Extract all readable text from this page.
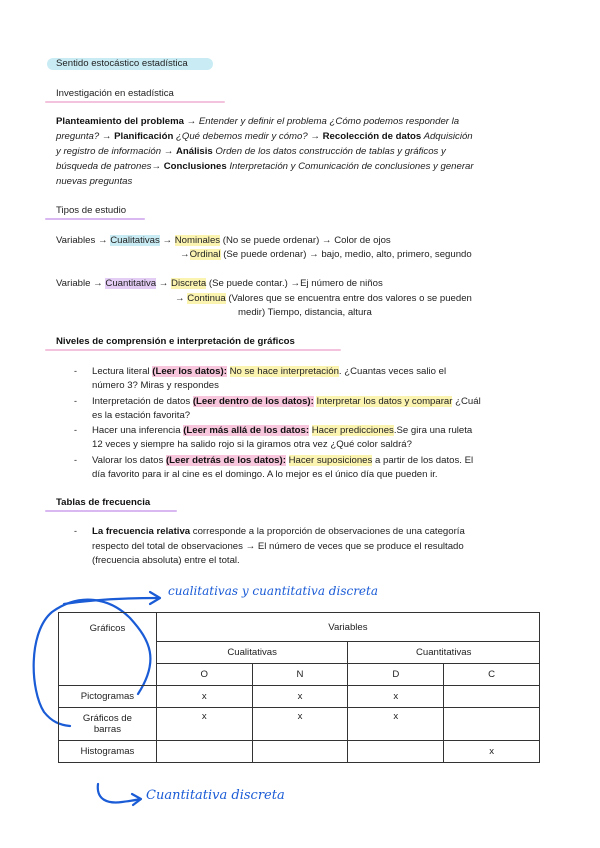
Sentido estocástico estadística
Investigación en estadística
Planteamiento del problema → Entender y definir el problema ¿Cómo podemos responder la
pregunta? → Planificación ¿Qué debemos medir y cómo? → Recolección de datos Adquisición
y registro de información → Análisis Orden de los datos construcción de tablas y gráficos y
búsqueda de patrones→ Conclusiones Interpretación y Comunicación de conclusiones y generar
nuevas preguntas
Tipos de estudio
Variables → Cualitativas → Nominales (No se puede ordenar) → Color de ojos
→Ordinal (Se puede ordenar) → bajo, medio, alto, primero, segundo
Variable → Cuantitativa → Discreta (Se puede contar.) →Ej número de niños
→ Continua (Valores que se encuentra entre dos valores o se pueden
medir) Tiempo, distancia, altura
Niveles de comprensión e interpretación de gráficos
-	Lectura literal (Leer los datos): No se hace interpretación. ¿Cuantas veces salio el
número 3? Miras y respondes
-	Interpretación de datos (Leer dentro de los datos): Interpretar los datos y comparar ¿Cuál
es la estación favorita?
-	Hacer una inferencia (Leer más allá de los datos: Hacer predicciones.Se gira una ruleta
12 veces y siempre ha salido rojo si la giramos otra vez ¿Qué color saldrá?
-	Valorar los datos (Leer detrás de los datos): Hacer suposiciones a partir de los datos. El
día favorito para ir al cine es el domingo. A lo mejor es el único día que pueden ir.
Tablas de frecuencia
-	La frecuencia relativa corresponde a la proporción de observaciones de una categoría
respecto del total de observaciones → El número de veces que se produce el resultado
(frecuencia absoluta) entre el total.
cualitativas y cuantitativa discreta
Cuantitativa discreta
Gráficos	Variables			
	Cualitativas		Cuantitativas	
	O	N	D	C
Pictogramas	x	x	x	
Gráficos de barras	x	x	x	
Histogramas				x
